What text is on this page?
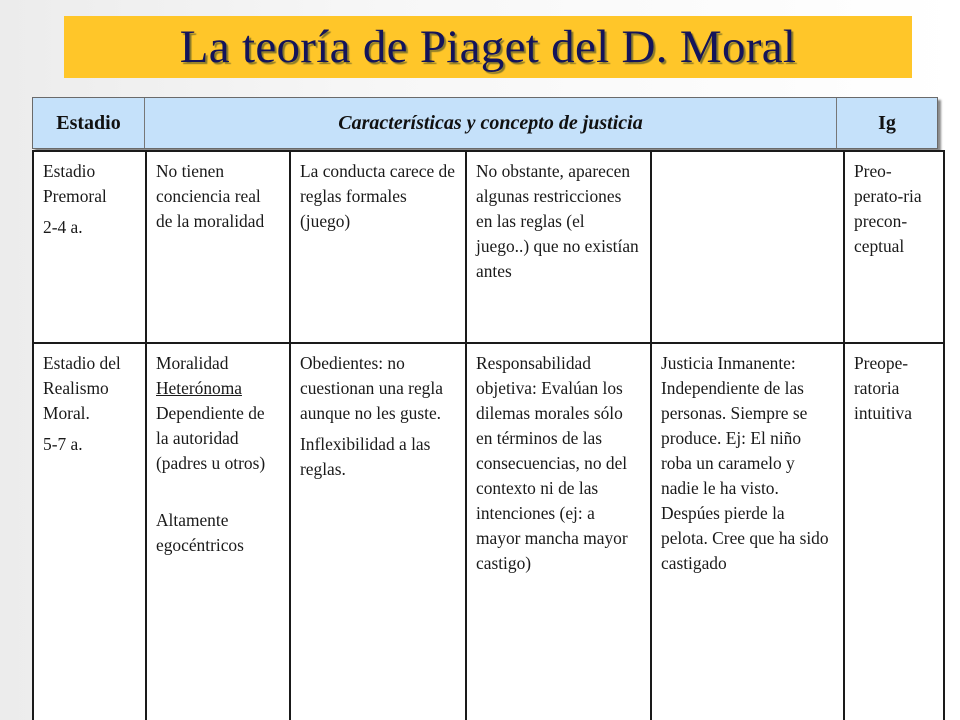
La teoría de Piaget del D. Moral
Estadio	Características y concepto de justicia	Ig
Estadio Premoral
2-4 a.
No tienen conciencia real de la moralidad
La conducta carece de reglas formales (juego)
No obstante, aparecen algunas restricciones en las reglas (el juego..) que no existían antes
Preo-perato-ria precon-ceptual
Estadio del Realismo Moral.
5-7 a.
Moralidad
Heterónoma
Dependiente de la autoridad (padres u otros)
Altamente egocéntricos
Obedientes: no cuestionan una regla aunque no les guste.
Inflexibilidad a las reglas.
Responsabilidad objetiva: Evalúan los dilemas morales sólo en términos de las consecuencias, no del contexto ni de las intenciones (ej: a mayor mancha mayor castigo)
Justicia Inmanente: Independiente de las personas. Siempre se produce. Ej: El niño roba un caramelo y nadie le ha visto. Despúes pierde la pelota. Cree que ha sido castigado
Preope-ratoria intuitiva
